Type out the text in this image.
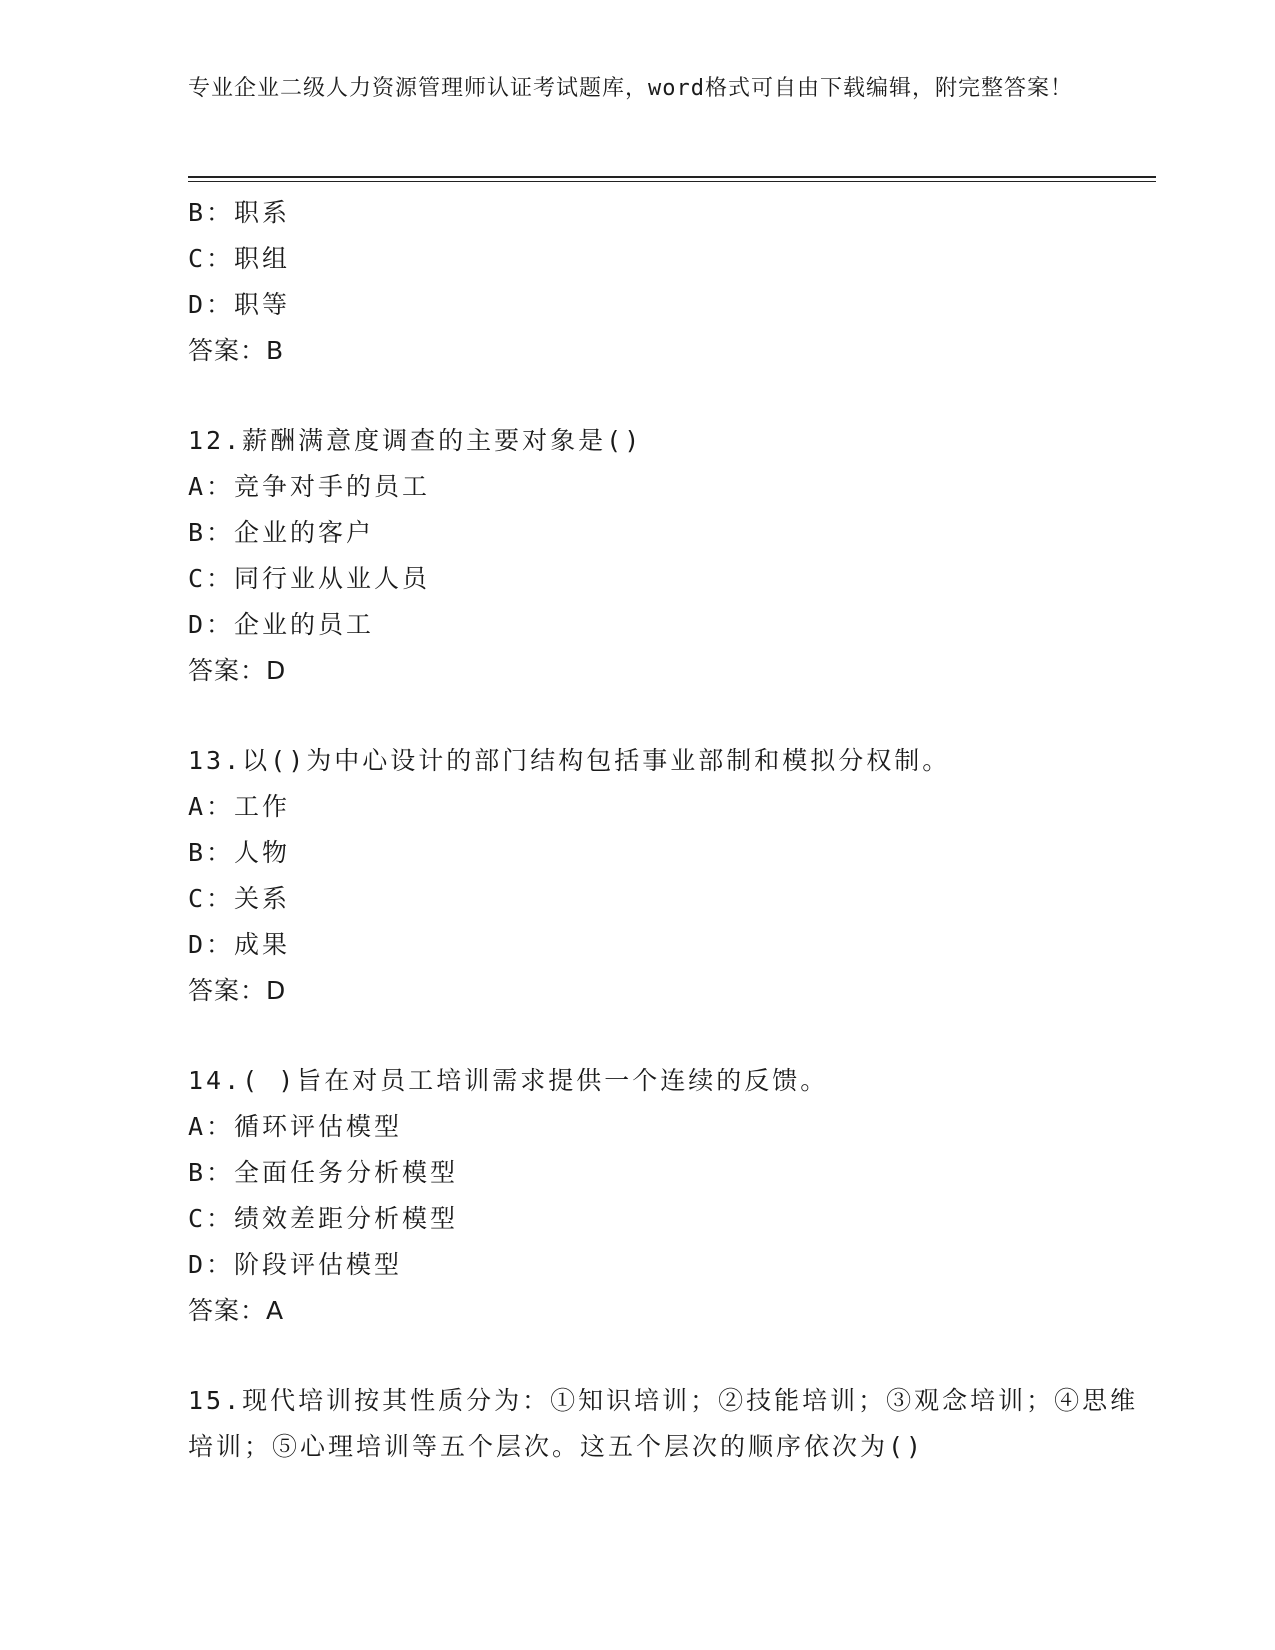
专业企业二级人力资源管理师认证考试题库，word格式可自由下载编辑，附完整答案！
B：职系
C：职组
D：职等
答案：B
12.薪酬满意度调查的主要对象是()
A：竞争对手的员工
B：企业的客户
C：同行业从业人员
D：企业的员工
答案：D
13.以()为中心设计的部门结构包括事业部制和模拟分权制。
A：工作
B：人物
C：关系
D：成果
答案：D
14.( )旨在对员工培训需求提供一个连续的反馈。
A：循环评估模型
B：全面任务分析模型
C：绩效差距分析模型
D：阶段评估模型
答案：A
15.现代培训按其性质分为：①知识培训；②技能培训；③观念培训；④思维培训；⑤心理培训等五个层次。这五个层次的顺序依次为()
